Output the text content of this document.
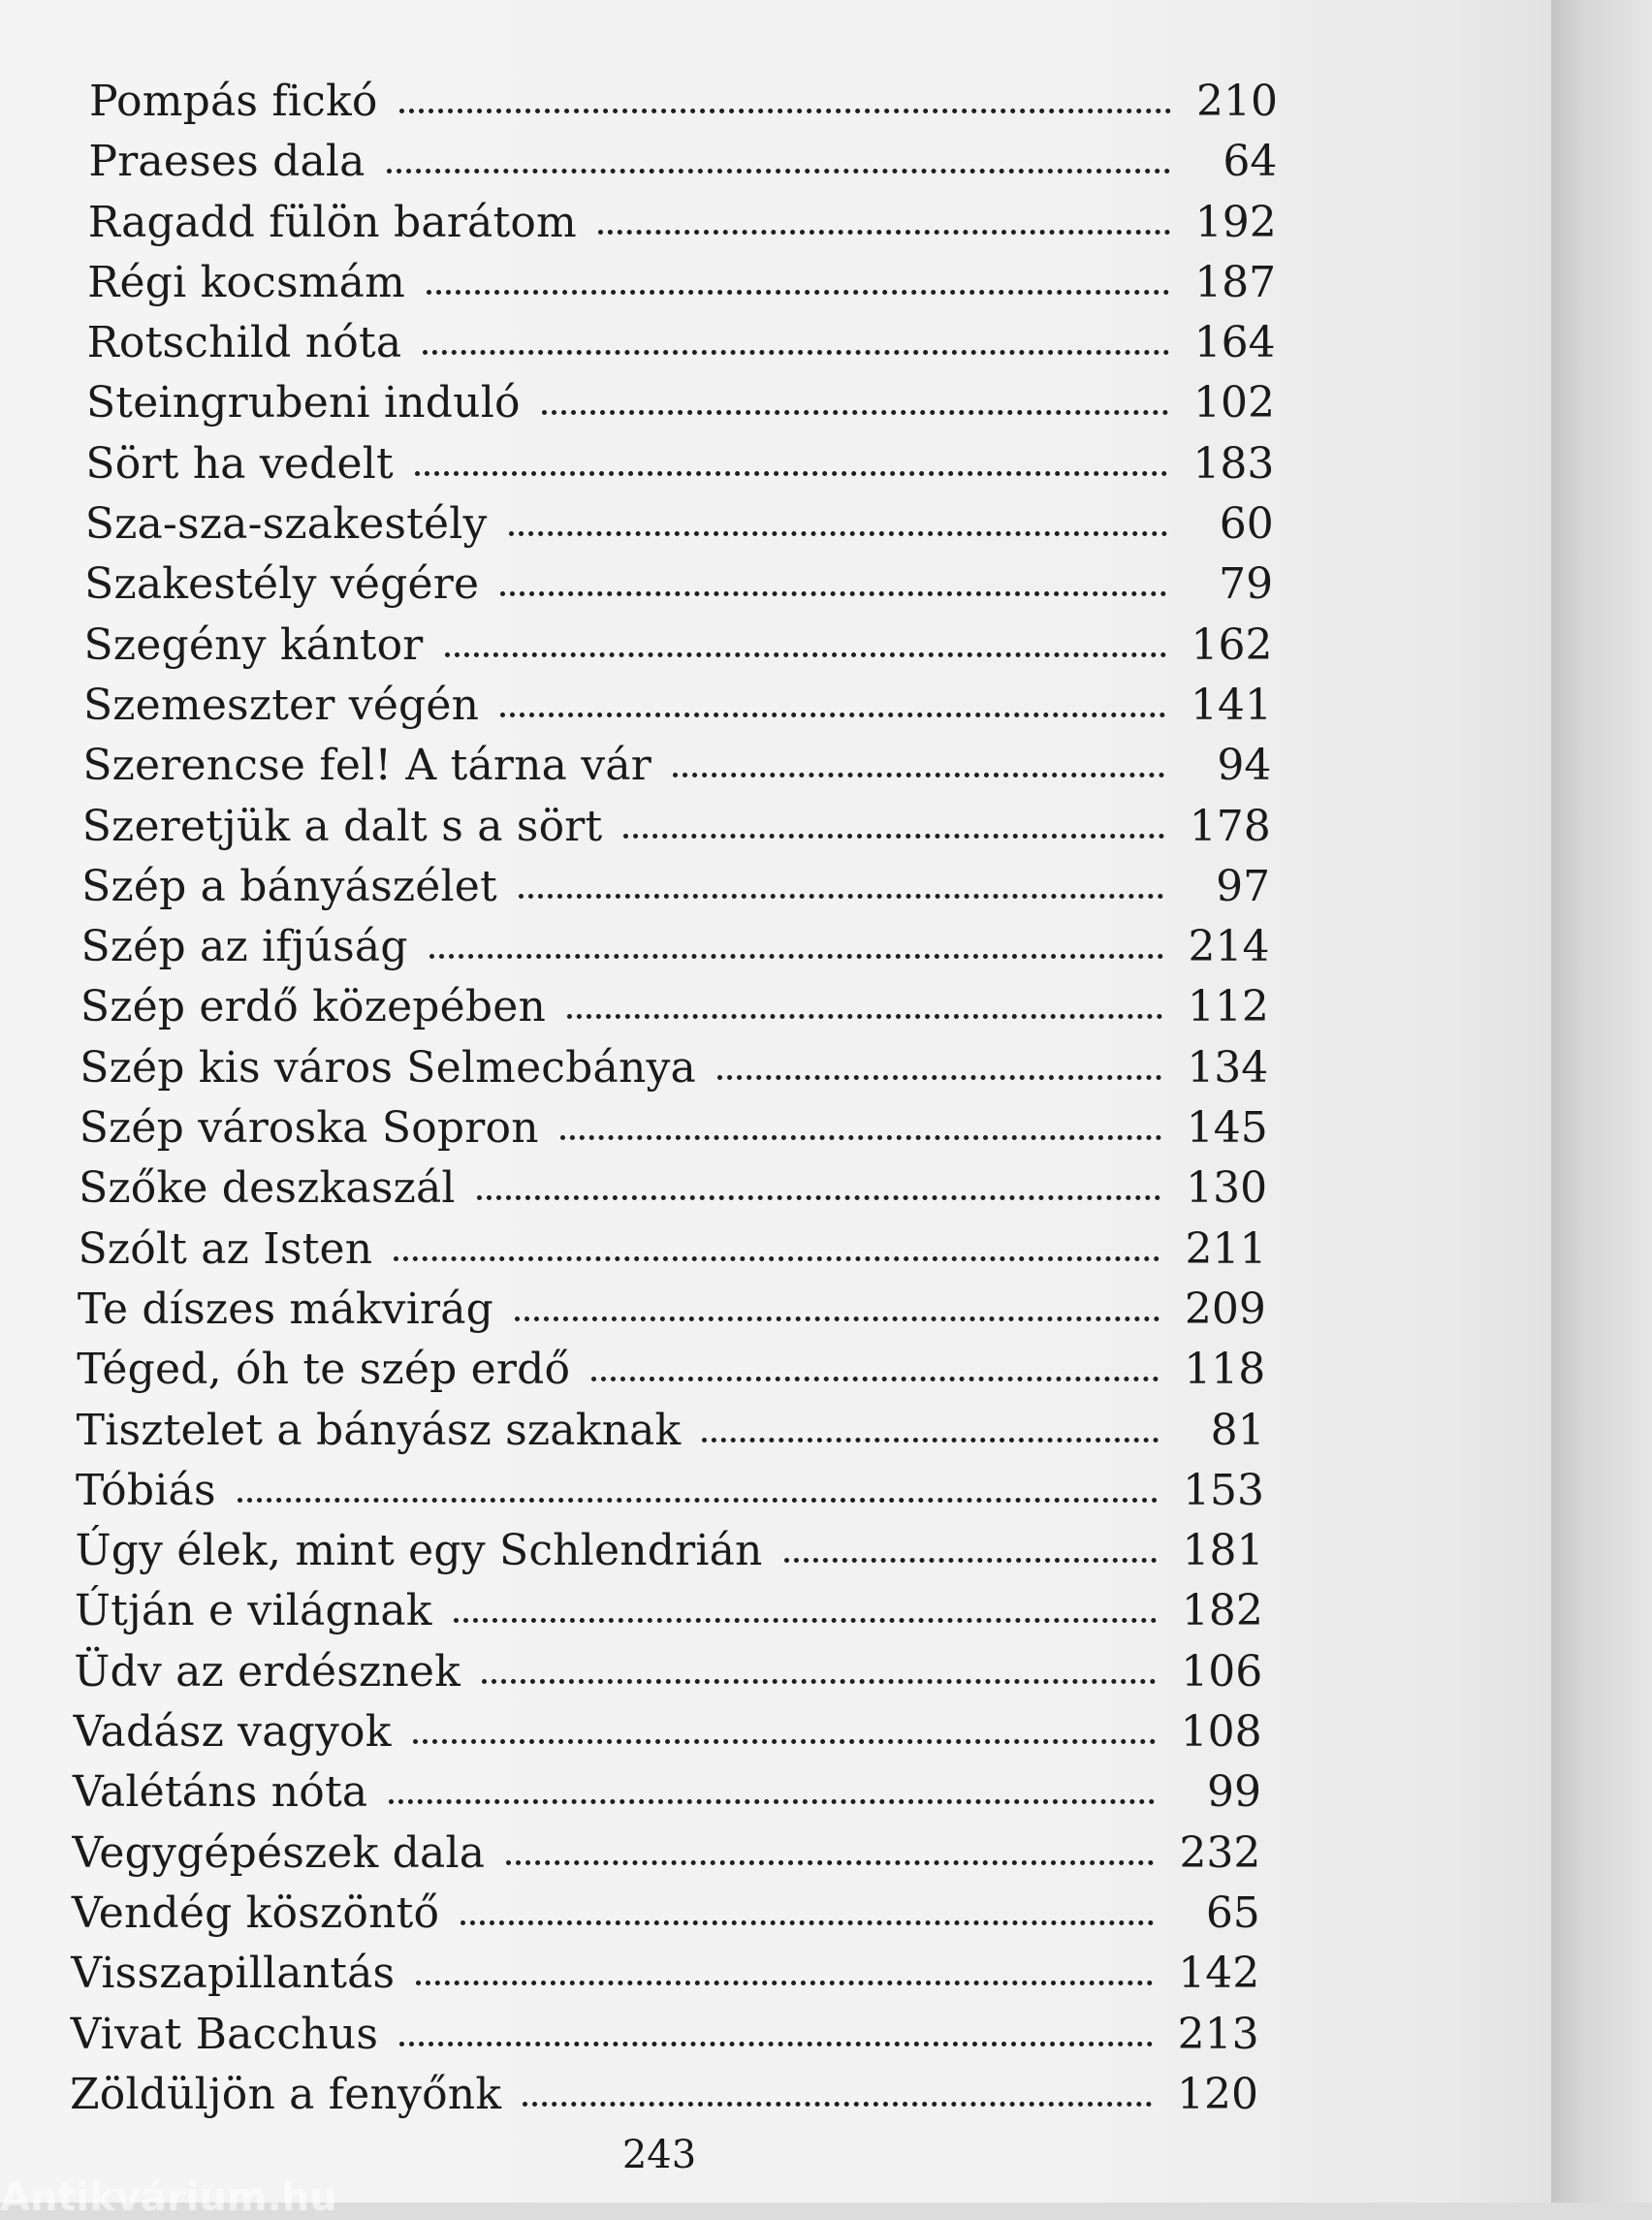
Pompás fickó	210
Praeses dala	64
Ragadd fülön barátom	192
Régi kocsmám	187
Rotschild nóta	164
Steingrubeni induló	102
Sört ha vedelt	183
Sza-sza-szakestély	60
Szakestély végére	79
Szegény kántor	162
Szemeszter végén	141
Szerencse fel! A tárna vár	94
Szeretjük a dalt s a sört	178
Szép a bányászélet	97
Szép az ifjúság	214
Szép erdő közepében	112
Szép kis város Selmecbánya	134
Szép városka Sopron	145
Szőke deszkaszál	130
Szólt az Isten	211
Te díszes mákvirág	209
Téged, óh te szép erdő	118
Tisztelet a bányász szaknak	81
Tóbiás	153
Úgy élek, mint egy Schlendrián	181
Útján e világnak	182
Üdv az erdésznek	106
Vadász vagyok	108
Valétáns nóta	99
Vegygépészek dala	232
Vendég köszöntő	65
Visszapillantás	142
Vivat Bacchus	213
Zöldüljön a fenyőnk	120
243
Antikvárium.hu
